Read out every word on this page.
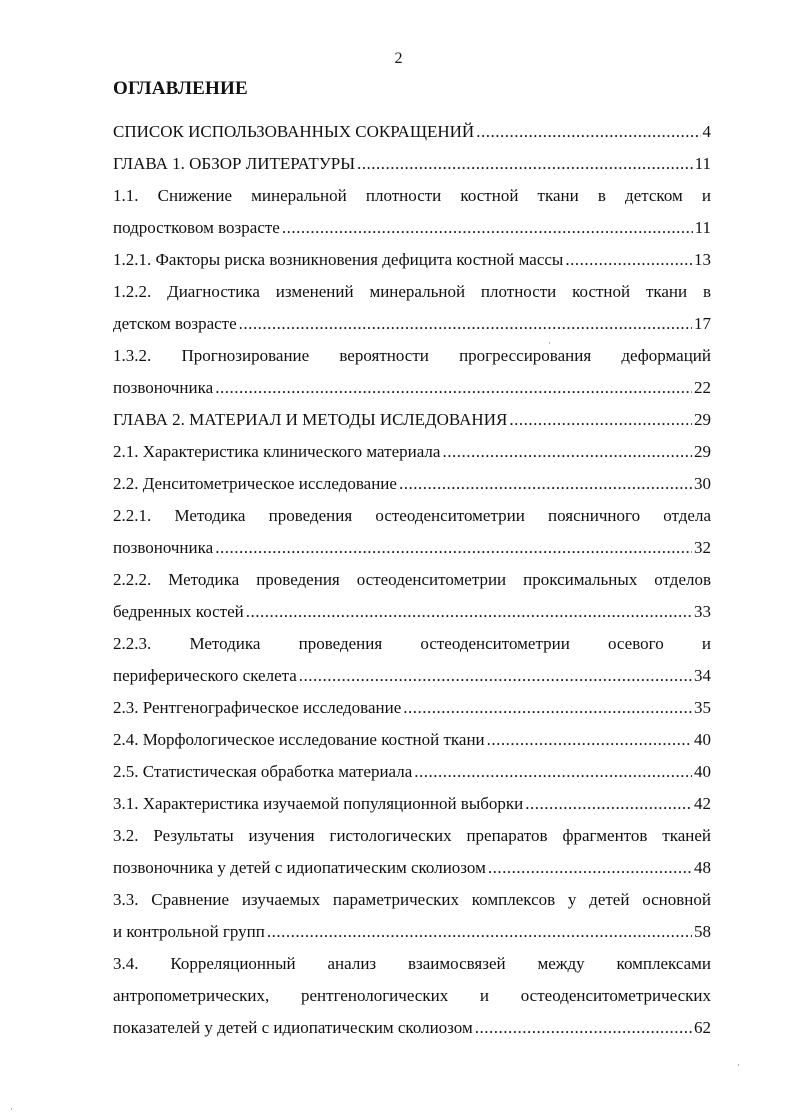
2
ОГЛАВЛЕНИЕ
СПИСОК ИСПОЛЬЗОВАННЫХ СОКРАЩЕНИЙ .....	4
ГЛАВА 1. ОБЗОР ЛИТЕРАТУРЫ .....	11
1.1. Снижение минеральной плотности костной ткани в детском и
подростковом возрасте .....	11
1.2.1. Факторы риска возникновения дефицита костной массы .....	13
1.2.2. Диагностика изменений минеральной плотности костной ткани в
детском возрасте .....	17
1.3.2. Прогнозирование вероятности прогрессирования деформаций
позвоночника .....	22
ГЛАВА 2. МАТЕРИАЛ И МЕТОДЫ ИСЛЕДОВАНИЯ .....	29
2.1. Характеристика клинического материала .....	29
2.2. Денситометрическое исследование .....	30
2.2.1. Методика проведения остеоденситометрии поясничного отдела
позвоночника .....	32
2.2.2. Методика проведения остеоденситометрии проксимальных отделов
бедренных костей .....	33
2.2.3. Методика проведения остеоденситометрии осевого и
периферического скелета .....	34
2.3. Рентгенографическое исследование .....	35
2.4. Морфологическое исследование костной ткани .....	40
2.5. Статистическая обработка материала .....	40
3.1. Характеристика изучаемой популяционной выборки .....	42
3.2. Результаты изучения гистологических препаратов фрагментов тканей
позвоночника у детей с идиопатическим сколиозом .....	48
3.3. Сравнение изучаемых параметрических комплексов у детей основной
и контрольной групп .....	58
3.4. Корреляционный анализ взаимосвязей между комплексами
антропометрических, рентгенологических и остеоденситометрических
показателей у детей с идиопатическим сколиозом .....	62
·
·
·
